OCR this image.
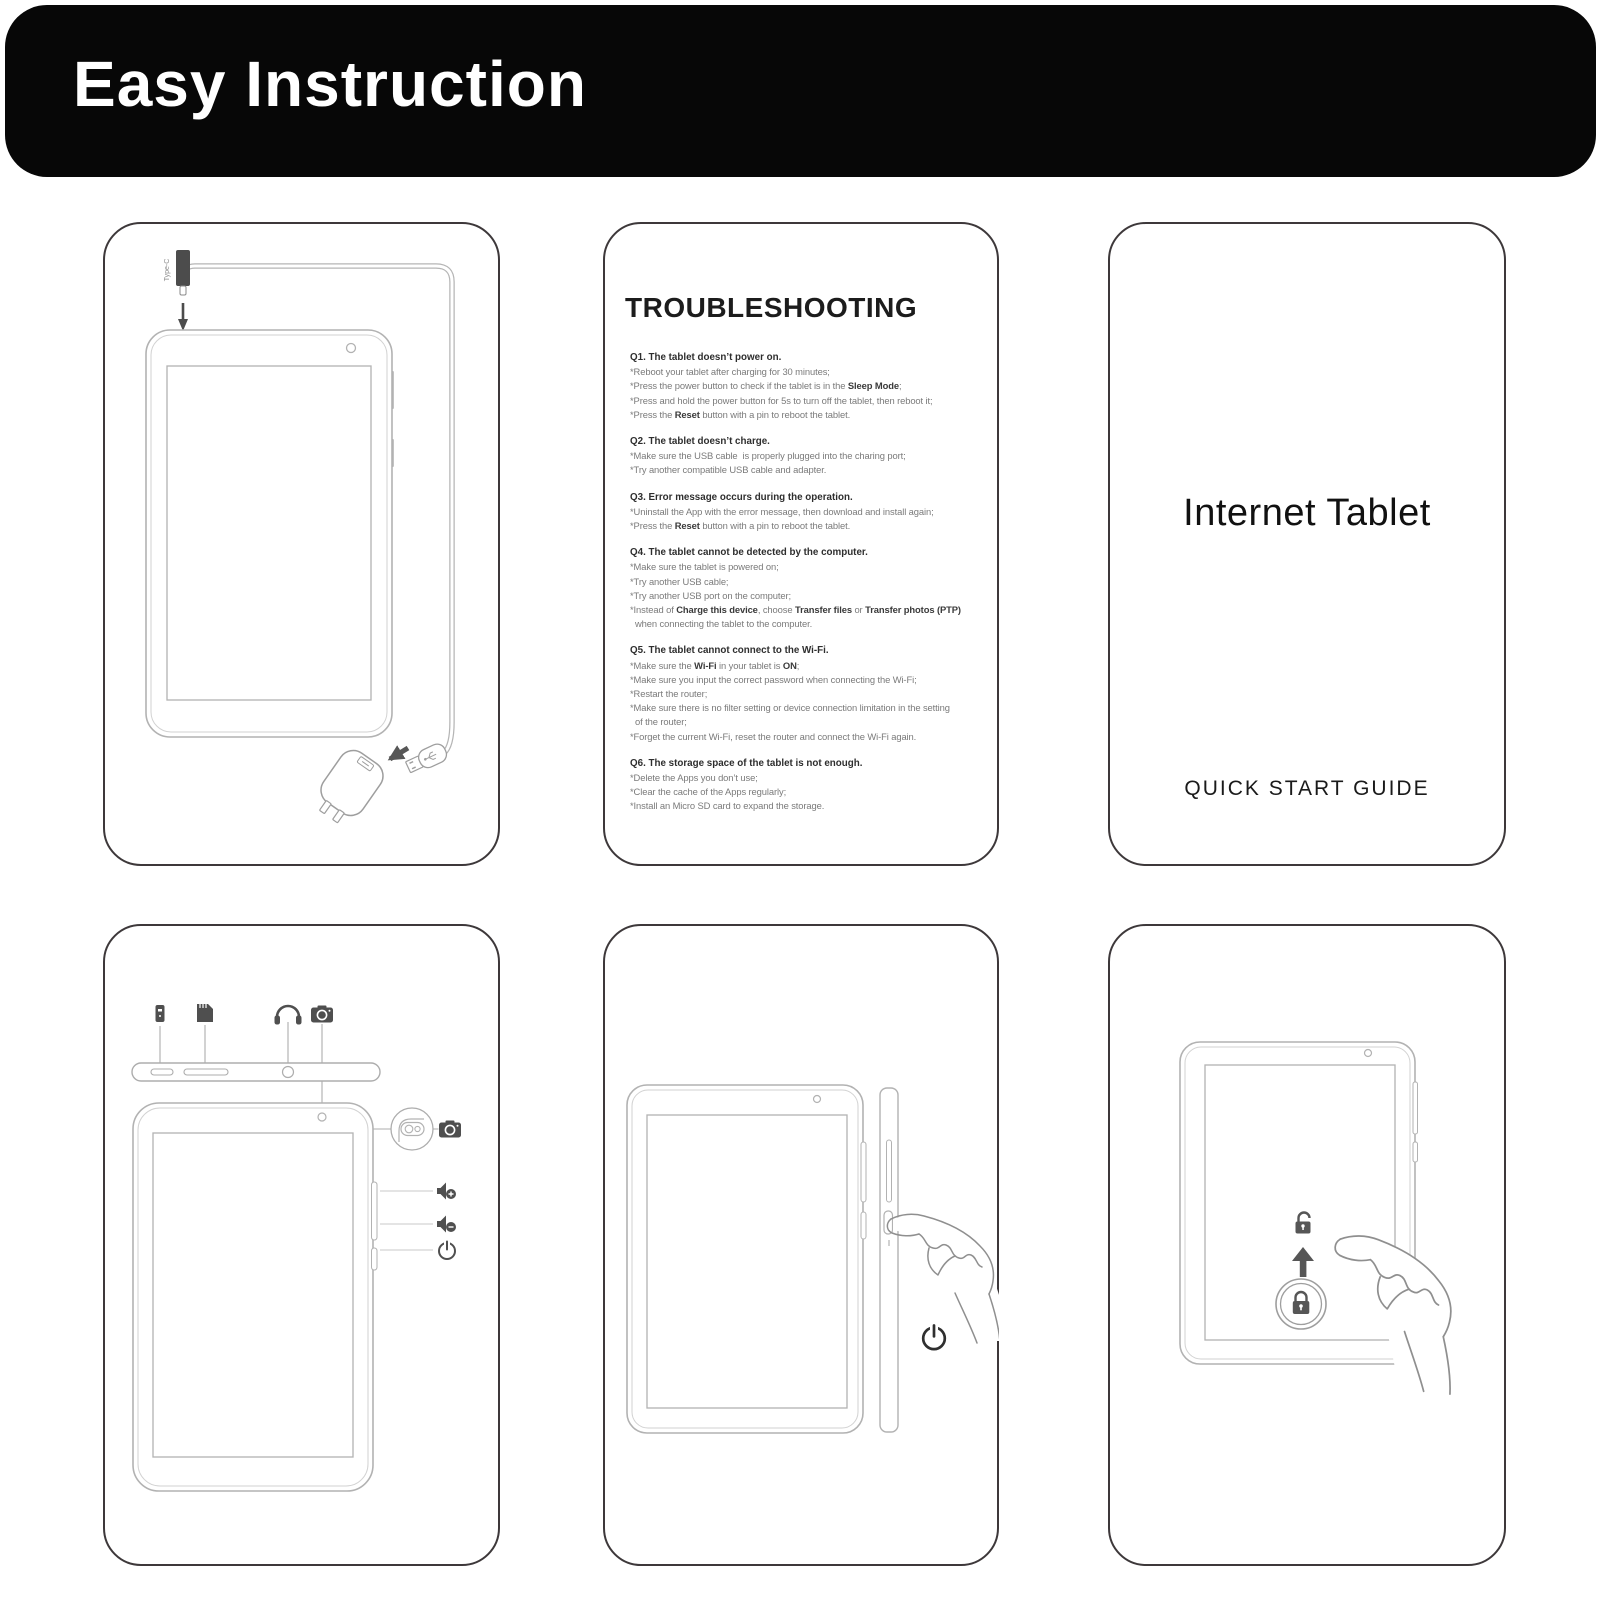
Easy Instruction
Type-C
TROUBLESHOOTING
Q1. The tablet doesn’t power on.
*Reboot your tablet after charging for 30 minutes;
*Press the power button to check if the tablet is in the Sleep Mode;
*Press and hold the power button for 5s to turn off the tablet, then reboot it;
*Press the Reset button with a pin to reboot the tablet.
Q2. The tablet doesn’t charge.
*Make sure the USB cable  is properly plugged into the charing port;
*Try another compatible USB cable and adapter.
Q3. Error message occurs during the operation.
*Uninstall the App with the error message, then download and install again;
*Press the Reset button with a pin to reboot the tablet.
Q4. The tablet cannot be detected by the computer.
*Make sure the tablet is powered on;
*Try another USB cable;
*Try another USB port on the computer;
*Instead of Charge this device, choose Transfer files or Transfer photos (PTP)
when connecting the tablet to the computer.
Q5. The tablet cannot connect to the Wi-Fi.
*Make sure the Wi-Fi in your tablet is ON;
*Make sure you input the correct password when connecting the Wi-Fi;
*Restart the router;
*Make sure there is no filter setting or device connection limitation in the setting
of the router;
*Forget the current Wi-Fi, reset the router and connect the Wi-Fi again.
Q6. The storage space of the tablet is not enough.
*Delete the Apps you don’t use;
*Clear the cache of the Apps regularly;
*Install an Micro SD card to expand the storage.
Internet Tablet
QUICK START GUIDE
